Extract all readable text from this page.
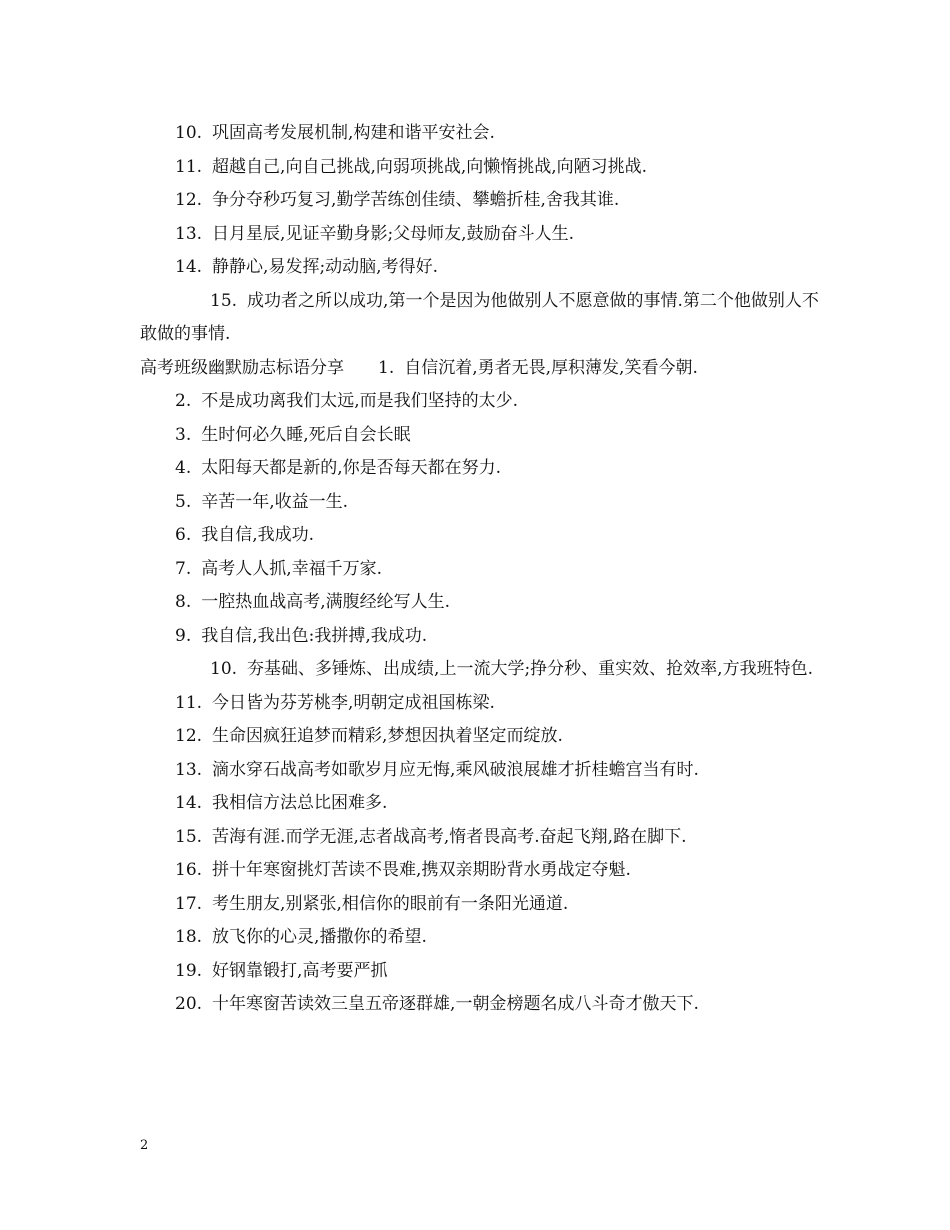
10. 巩固高考发展机制,构建和谐平安社会.
11. 超越自己,向自己挑战,向弱项挑战,向懒惰挑战,向陋习挑战.
12. 争分夺秒巧复习,勤学苦练创佳绩、攀蟾折桂,舍我其谁.
13. 日月星辰,见证辛勤身影;父母师友,鼓励奋斗人生.
14. 静静心,易发挥;动动脑,考得好.
15. 成功者之所以成功,第一个是因为他做别人不愿意做的事情.第二个他做别人不敢做的事情.
高考班级幽默励志标语分享 1. 自信沉着,勇者无畏,厚积薄发,笑看今朝.
2. 不是成功离我们太远,而是我们坚持的太少.
3. 生时何必久睡,死后自会长眠
4. 太阳每天都是新的,你是否每天都在努力.
5. 辛苦一年,收益一生.
6. 我自信,我成功.
7. 高考人人抓,幸福千万家.
8. 一腔热血战高考,满腹经纶写人生.
9. 我自信,我出色:我拼搏,我成功.
10. 夯基础、多锤炼、出成绩,上一流大学;挣分秒、重实效、抢效率,方我班特色.
11. 今日皆为芬芳桃李,明朝定成祖国栋梁.
12. 生命因疯狂追梦而精彩,梦想因执着坚定而绽放.
13. 滴水穿石战高考如歌岁月应无悔,乘风破浪展雄才折桂蟾宫当有时.
14. 我相信方法总比困难多.
15. 苦海有涯.而学无涯,志者战高考,惰者畏高考.奋起飞翔,路在脚下.
16. 拼十年寒窗挑灯苦读不畏难,携双亲期盼背水勇战定夺魁.
17. 考生朋友,别紧张,相信你的眼前有一条阳光通道.
18. 放飞你的心灵,播撒你的希望.
19. 好钢靠锻打,高考要严抓
20. 十年寒窗苦读效三皇五帝逐群雄,一朝金榜题名成八斗奇才傲天下.
2
